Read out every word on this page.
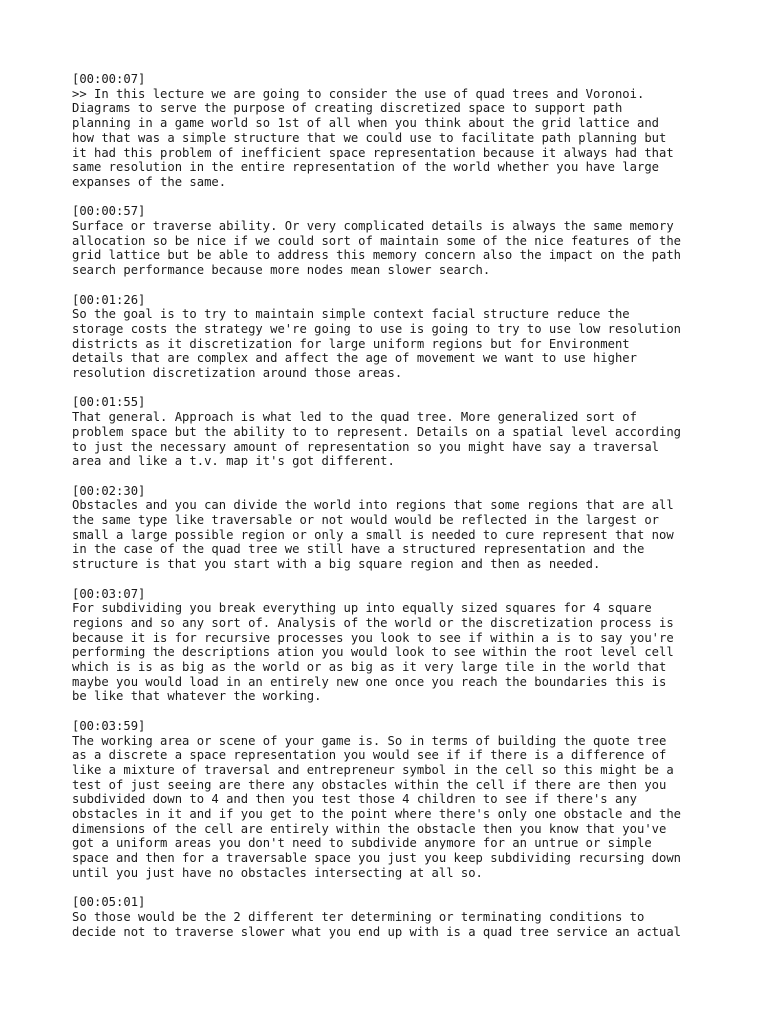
[00:00:07]
>> In this lecture we are going to consider the use of quad trees and Voronoi.
Diagrams to serve the purpose of creating discretized space to support path
planning in a game world so 1st of all when you think about the grid lattice and
how that was a simple structure that we could use to facilitate path planning but
it had this problem of inefficient space representation because it always had that
same resolution in the entire representation of the world whether you have large
expanses of the same.
[00:00:57]
Surface or traverse ability. Or very complicated details is always the same memory
allocation so be nice if we could sort of maintain some of the nice features of the
grid lattice but be able to address this memory concern also the impact on the path
search performance because more nodes mean slower search.
[00:01:26]
So the goal is to try to maintain simple context facial structure reduce the
storage costs the strategy we're going to use is going to try to use low resolution
districts as it discretization for large uniform regions but for Environment
details that are complex and affect the age of movement we want to use higher
resolution discretization around those areas.
[00:01:55]
That general. Approach is what led to the quad tree. More generalized sort of
problem space but the ability to to represent. Details on a spatial level according
to just the necessary amount of representation so you might have say a traversal
area and like a t.v. map it's got different.
[00:02:30]
Obstacles and you can divide the world into regions that some regions that are all
the same type like traversable or not would would be reflected in the largest or
small a large possible region or only a small is needed to cure represent that now
in the case of the quad tree we still have a structured representation and the
structure is that you start with a big square region and then as needed.
[00:03:07]
For subdividing you break everything up into equally sized squares for 4 square
regions and so any sort of. Analysis of the world or the discretization process is
because it is for recursive processes you look to see if within a is to say you're
performing the descriptions ation you would look to see within the root level cell
which is is as big as the world or as big as it very large tile in the world that
maybe you would load in an entirely new one once you reach the boundaries this is
be like that whatever the working.
[00:03:59]
The working area or scene of your game is. So in terms of building the quote tree
as a discrete a space representation you would see if if there is a difference of
like a mixture of traversal and entrepreneur symbol in the cell so this might be a
test of just seeing are there any obstacles within the cell if there are then you
subdivided down to 4 and then you test those 4 children to see if there's any
obstacles in it and if you get to the point where there's only one obstacle and the
dimensions of the cell are entirely within the obstacle then you know that you've
got a uniform areas you don't need to subdivide anymore for an untrue or simple
space and then for a traversable space you just you keep subdividing recursing down
until you just have no obstacles intersecting at all so.
[00:05:01]
So those would be the 2 different ter determining or terminating conditions to
decide not to traverse slower what you end up with is a quad tree service an actual
